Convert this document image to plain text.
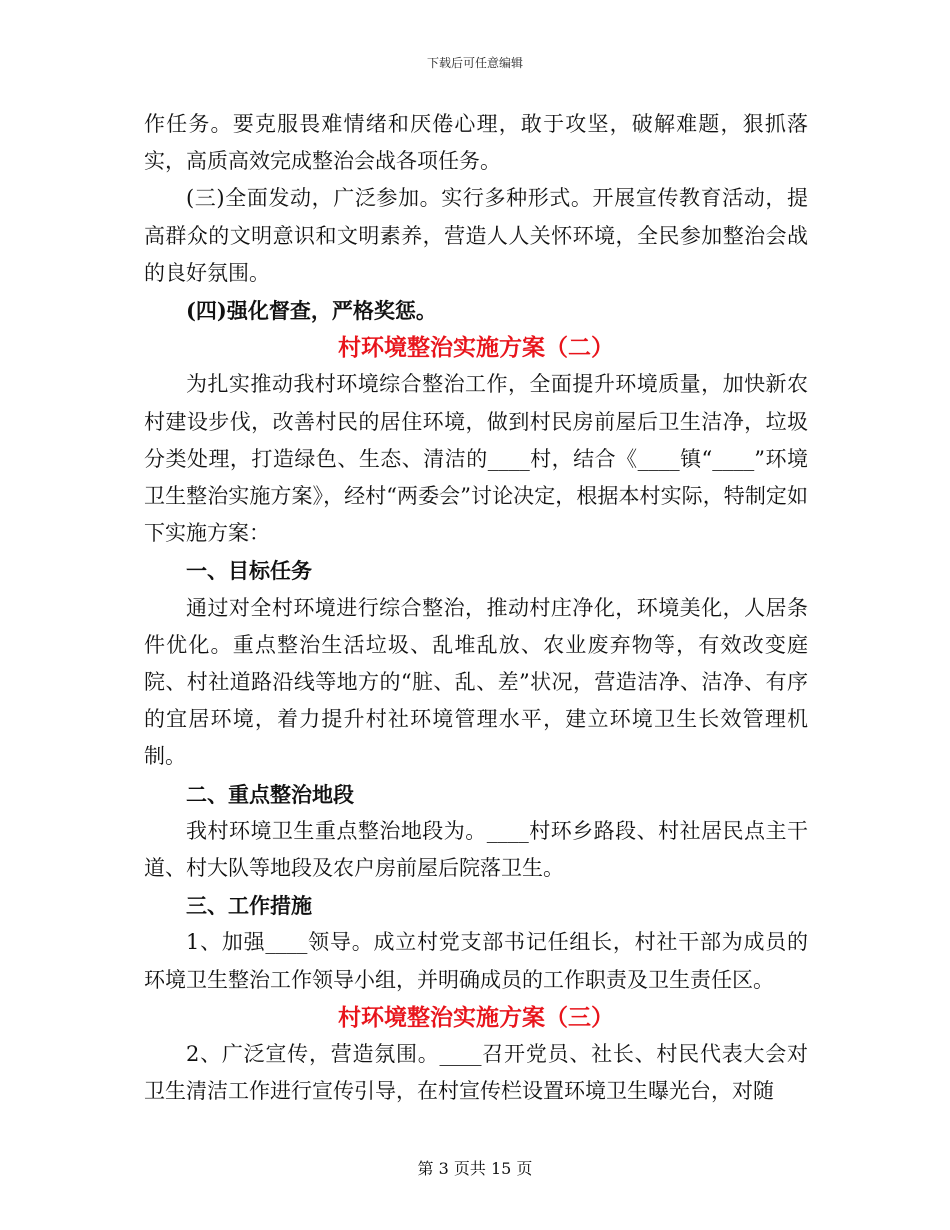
下载后可任意编辑

作任务。要克服畏难情绪和厌倦心理，敢于攻坚，破解难题，狠抓落实，高质高效完成整治会战各项任务。

(三)全面发动，广泛参加。实行多种形式。开展宣传教育活动，提高群众的文明意识和文明素养，营造人人关怀环境，全民参加整治会战的良好氛围。

(四)强化督查，严格奖惩。

村环境整治实施方案（二）

为扎实推动我村环境综合整治工作，全面提升环境质量，加快新农村建设步伐，改善村民的居住环境，做到村民房前屋后卫生洁净，垃圾分类处理，打造绿色、生态、清洁的____村，结合《____镇“____”环境卫生整治实施方案》，经村“两委会”讨论决定，根据本村实际，特制定如下实施方案：

一、目标任务

通过对全村环境进行综合整治，推动村庄净化，环境美化，人居条件优化。重点整治生活垃圾、乱堆乱放、农业废弃物等，有效改变庭院、村社道路沿线等地方的“脏、乱、差”状况，营造洁净、洁净、有序的宜居环境，着力提升村社环境管理水平，建立环境卫生长效管理机制。

二、重点整治地段

我村环境卫生重点整治地段为。____村环乡路段、村社居民点主干道、村大队等地段及农户房前屋后院落卫生。

三、工作措施

1、加强____领导。成立村党支部书记任组长，村社干部为成员的环境卫生整治工作领导小组，并明确成员的工作职责及卫生责任区。

村环境整治实施方案（三）

2、广泛宣传，营造氛围。____召开党员、社长、村民代表大会对卫生清洁工作进行宣传引导，在村宣传栏设置环境卫生曝光台，对随

第 3 页共 15 页
